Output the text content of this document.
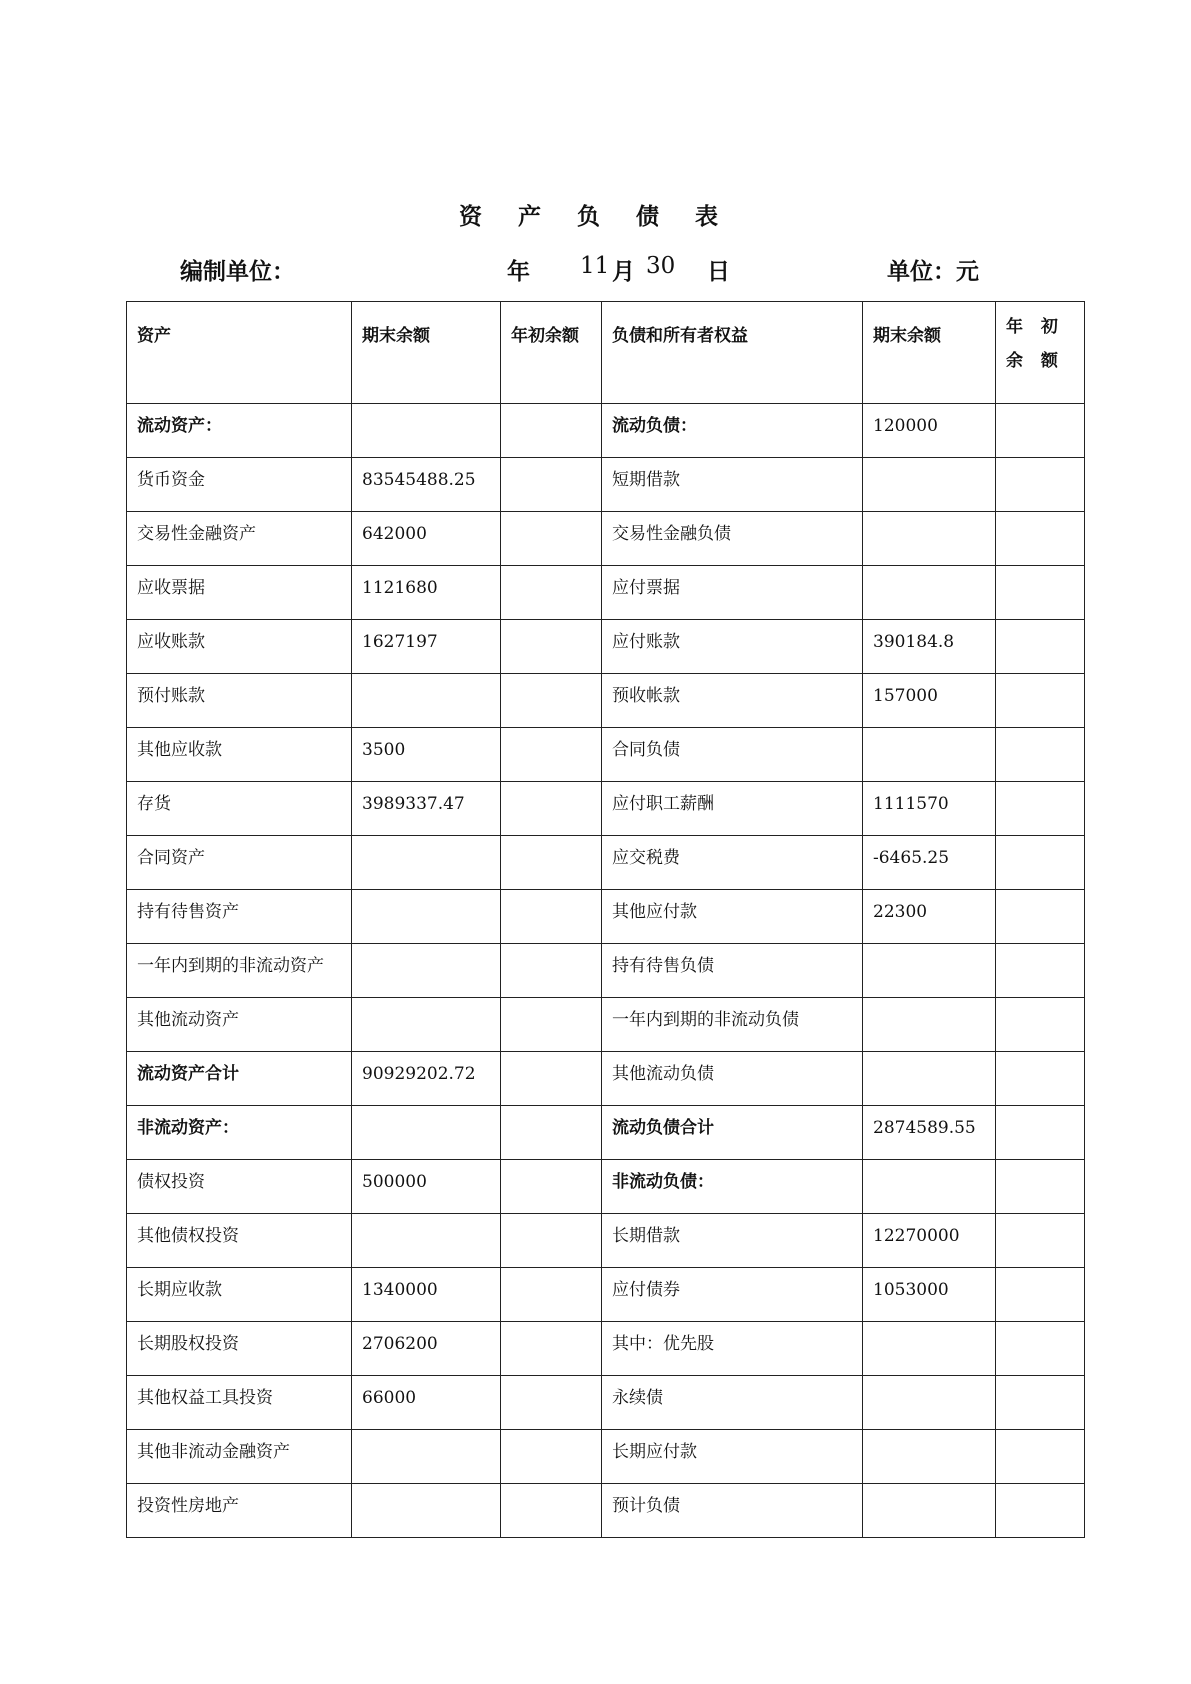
资 产 负 债 表
编制单位：	年 11 月 30 日	单位：元
资产	期末余额	年初余额	负债和所有者权益	期末余额	年 初 余 额
流动资产：			流动负债：	120000	
货币资金	83545488.25		短期借款		
交易性金融资产	642000		交易性金融负债		
应收票据	1121680		应付票据		
应收账款	1627197		应付账款	390184.8	
预付账款			预收帐款	157000	
其他应收款	3500		合同负债		
存货	3989337.47		应付职工薪酬	1111570	
合同资产			应交税费	-6465.25	
持有待售资产			其他应付款	22300	
一年内到期的非流动资产			持有待售负债		
其他流动资产			一年内到期的非流动负债		
流动资产合计	90929202.72		其他流动负债		
非流动资产：			流动负债合计	2874589.55	
债权投资	500000		非流动负债：		
其他债权投资			长期借款	12270000	
长期应收款	1340000		应付债券	1053000	
长期股权投资	2706200		其中：优先股		
其他权益工具投资	66000		永续债		
其他非流动金融资产			长期应付款		
投资性房地产			预计负债		
